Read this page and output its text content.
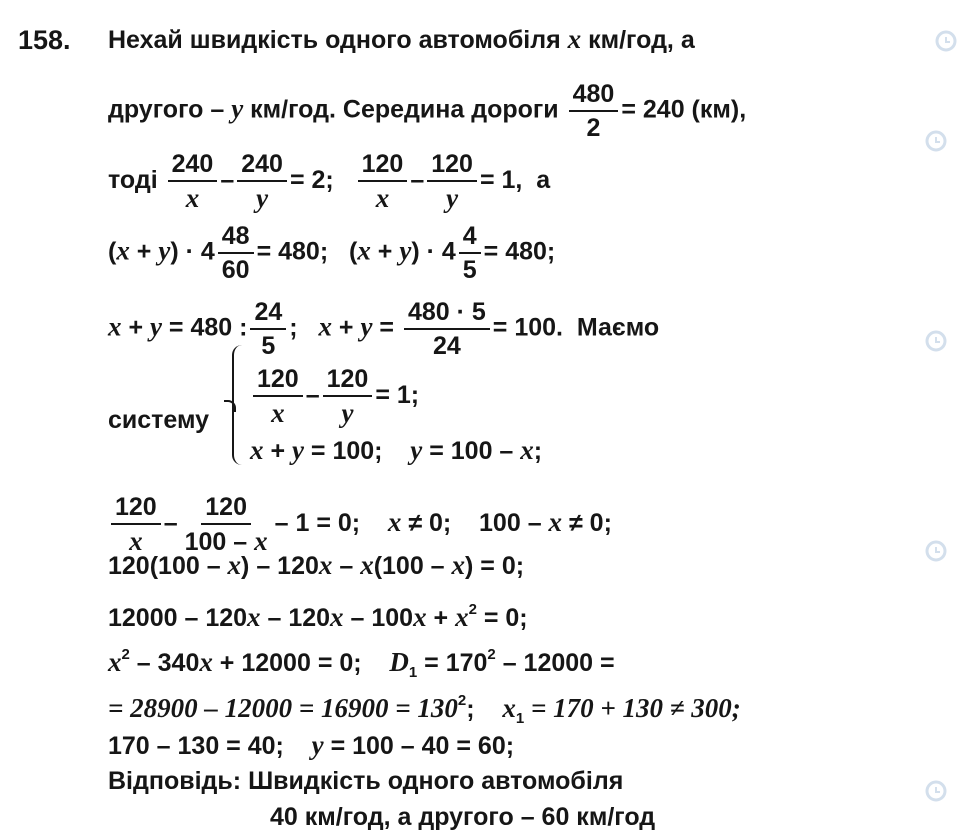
158. Нехай швидкість одного автомобіля x км/год, а
другого – y км/год. Середина дороги $\frac{480}{2} = 240$ (км),
тоді $\frac{240}{x} - \frac{240}{y} = 2$; $\frac{120}{x} - \frac{120}{y} = 1$,  а
$(x + y) \cdot 4 \frac{48}{60} = 480$;   $(x + y) \cdot 4 \frac{4}{5} = 480$;
x + y = 480 : $\frac{24}{5}$ ;   $x + y = \frac{480 \cdot 5}{24} = 100$.  Маємо
систему $\frac{120}{x} - \frac{120}{y} = 1$;
x + y = 100;    y = 100 – x;
$\frac{120}{x} - \frac{120}{100 - x} - 1 = 0$;    x ≠ 0;    100 – x ≠ 0;
120(100 – x) – 120x – x(100 – x) = 0;
$12000 - 120x - 120x - 100x + x^2 = 0$;
$x^2 - 340x + 12000 = 0$;    $D_1 = 170^2 - 12000$ =
= $28900 - 12000 = 16900 = 130^2$;    $x_1 = 170 + 130 \ne 300$;
170 – 130 = 40;    y = 100 – 40 = 60;
Відповідь: Швидкість одного автомобіля
40 км/год, а другого – 60 км/год
